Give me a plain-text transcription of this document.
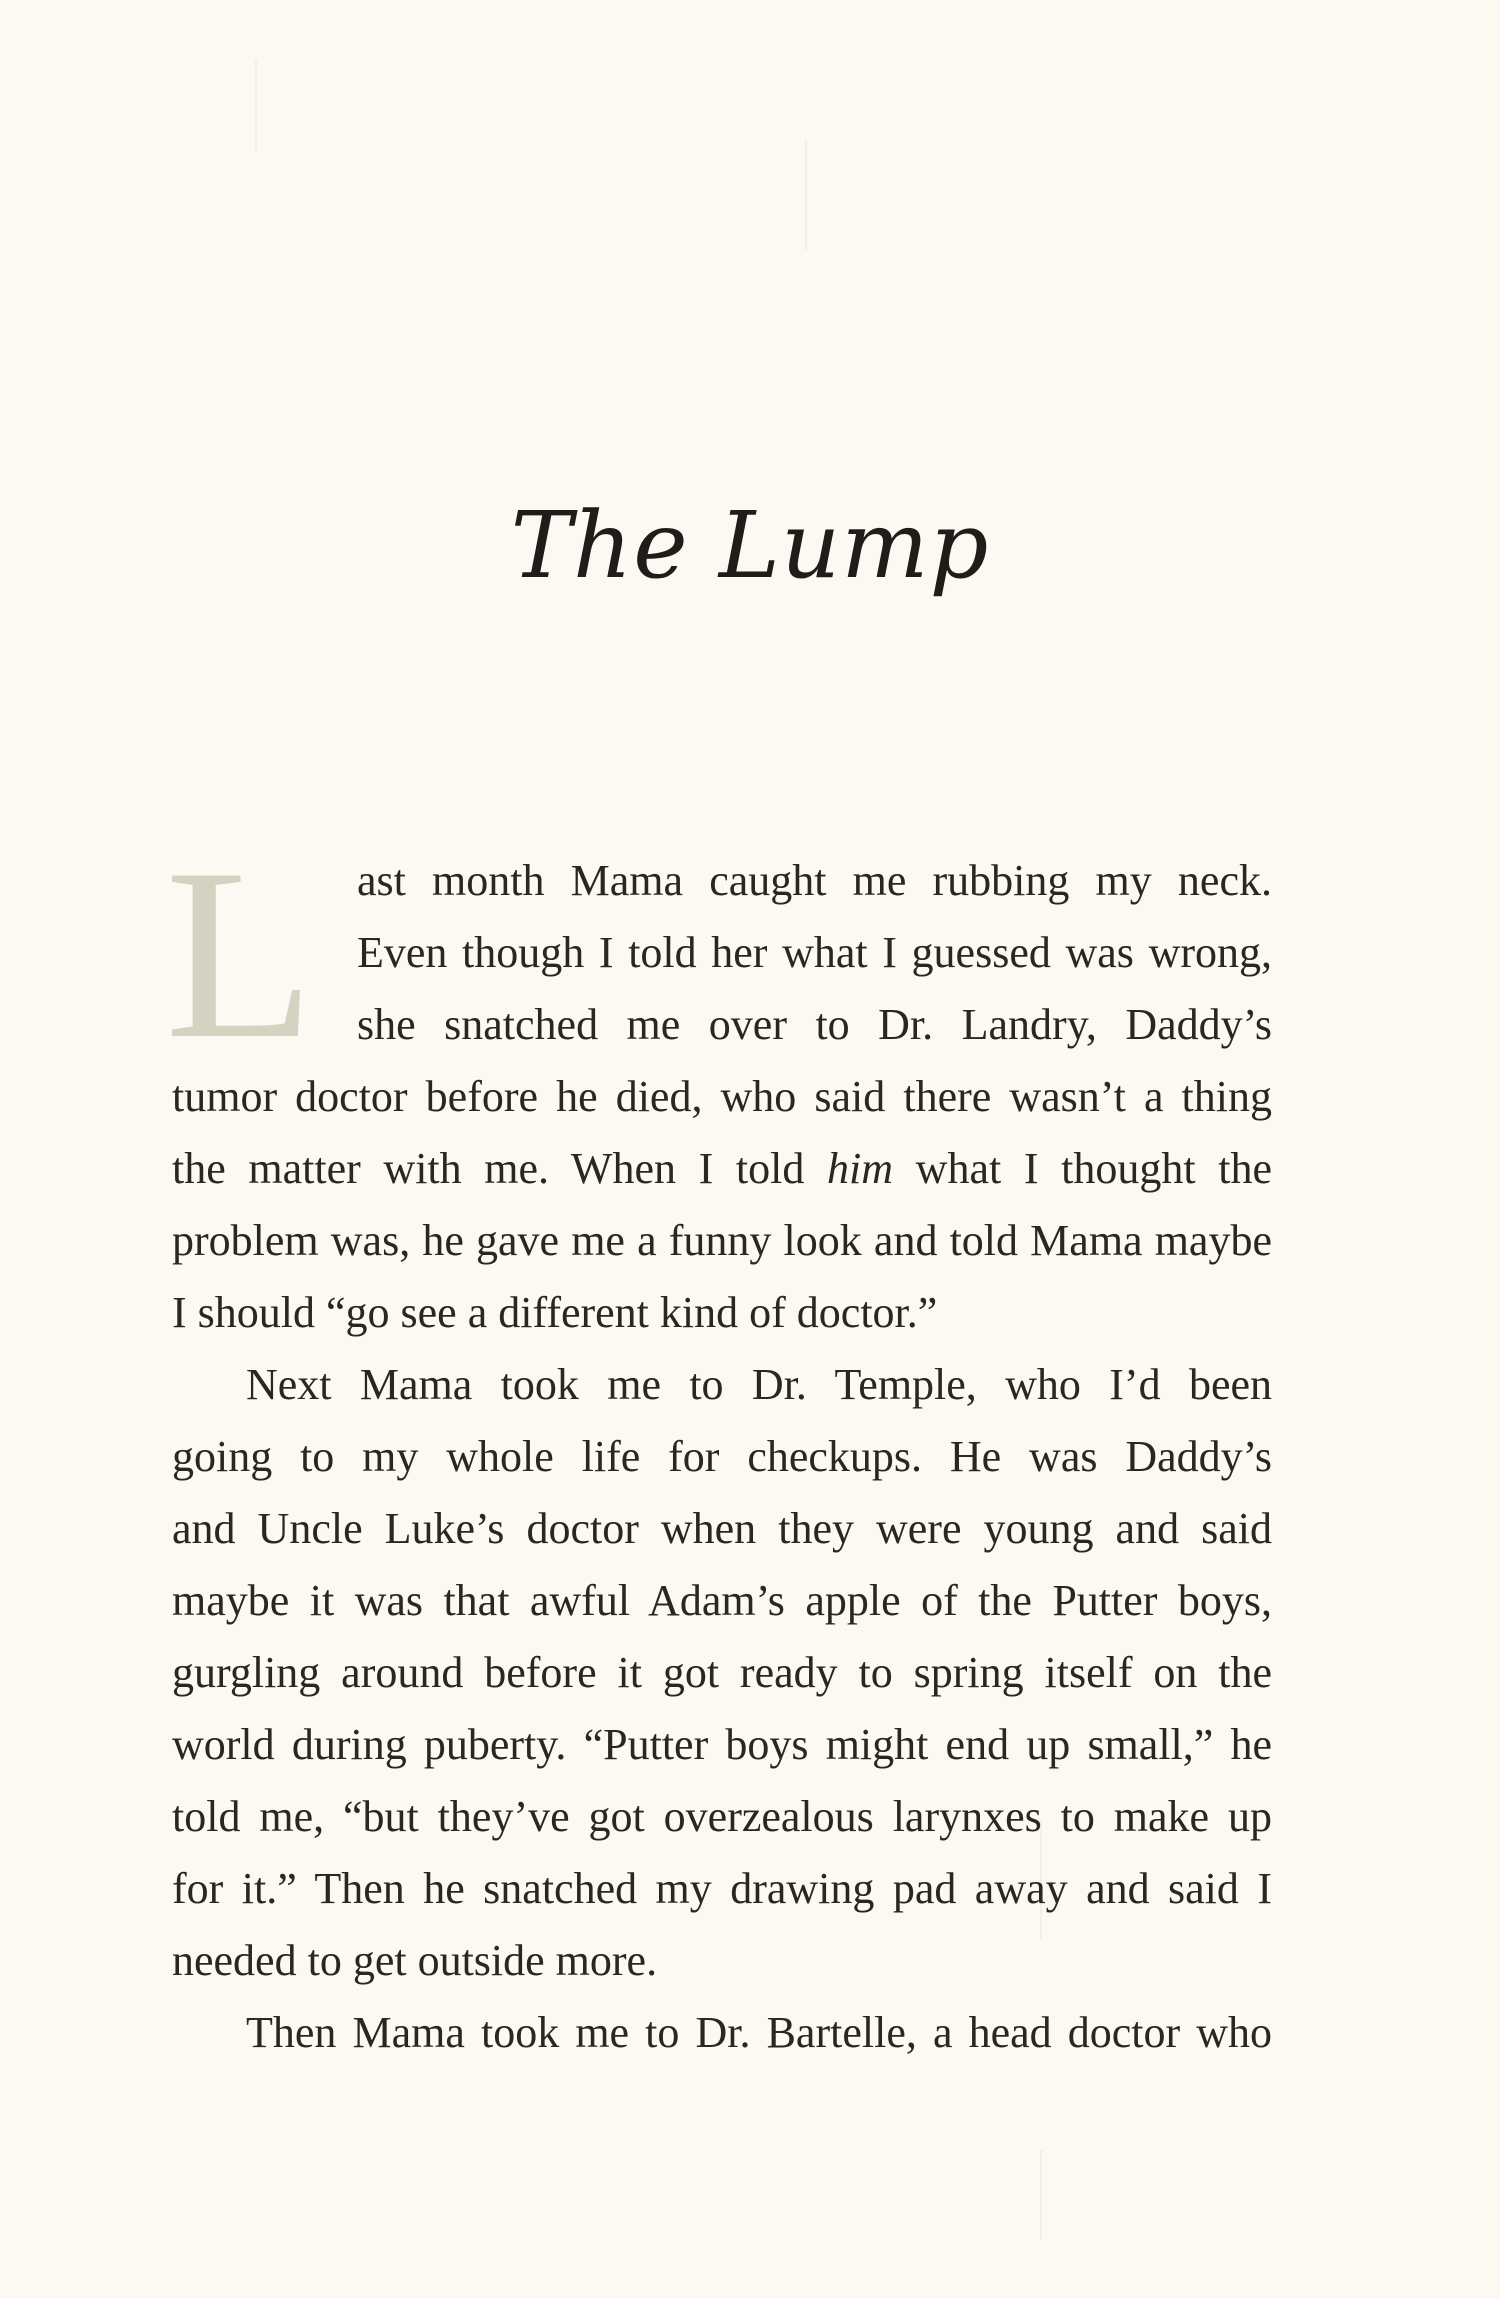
The Lump
L ast month Mama caught me rubbing my neck.
Even though I told her what I guessed was wrong,
she snatched me over to Dr. Landry, Daddy’s
tumor doctor before he died, who said there wasn’t a thing
the matter with me. When I told him what I thought the
problem was, he gave me a funny look and told Mama maybe
I should “go see a different kind of doctor.”
Next Mama took me to Dr. Temple, who I’d been
going to my whole life for checkups. He was Daddy’s
and Uncle Luke’s doctor when they were young and said
maybe it was that awful Adam’s apple of the Putter boys,
gurgling around before it got ready to spring itself on the
world during puberty. “Putter boys might end up small,” he
told me, “but they’ve got overzealous larynxes to make up
for it.” Then he snatched my drawing pad away and said I
needed to get outside more.
Then Mama took me to Dr. Bartelle, a head doctor who
